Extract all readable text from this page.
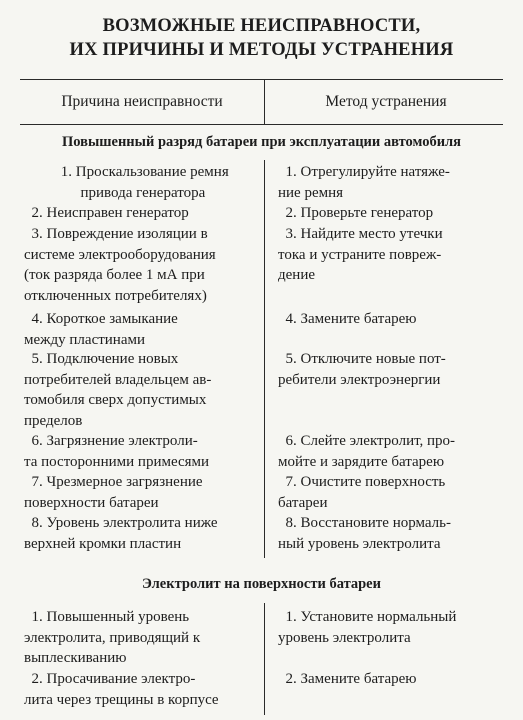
ВОЗМОЖНЫЕ НЕИСПРАВНОСТИ,
ИХ ПРИЧИНЫ И МЕТОДЫ УСТРАНЕНИЯ
Причина неисправности	Метод устранения
Повышенный разряд батареи при эксплуатации автомобиля
1. Проскальзование ремня
привода генератора
1. Отрегулируйте натяже-
ние ремня
2. Неисправен генератор	2. Проверьте генератор
3. Повреждение изоляции в
системе электрооборудования
(ток разряда более 1 мА при
отключенных потребителях)
3. Найдите место утечки
тока и устраните повреж-
дение
4. Короткое замыкание
между пластинами
4. Замените батарею
5. Подключение новых
потребителей владельцем ав-
томобиля сверх допустимых
пределов
5. Отключите новые пот-
ребители электроэнергии
6. Загрязнение электроли-
та посторонними примесями
6. Слейте электролит, про-
мойте и зарядите батарею
7. Чрезмерное загрязнение
поверхности батареи
7. Очистите поверхность
батареи
8. Уровень электролита ниже
верхней кромки пластин
8. Восстановите нормаль-
ный уровень электролита
Электролит на поверхности батареи
1. Повышенный уровень
электролита, приводящий к
выплескиванию
1. Установите нормальный
уровень электролита
2. Просачивание электро-
лита через трещины в корпусе
2. Замените батарею
